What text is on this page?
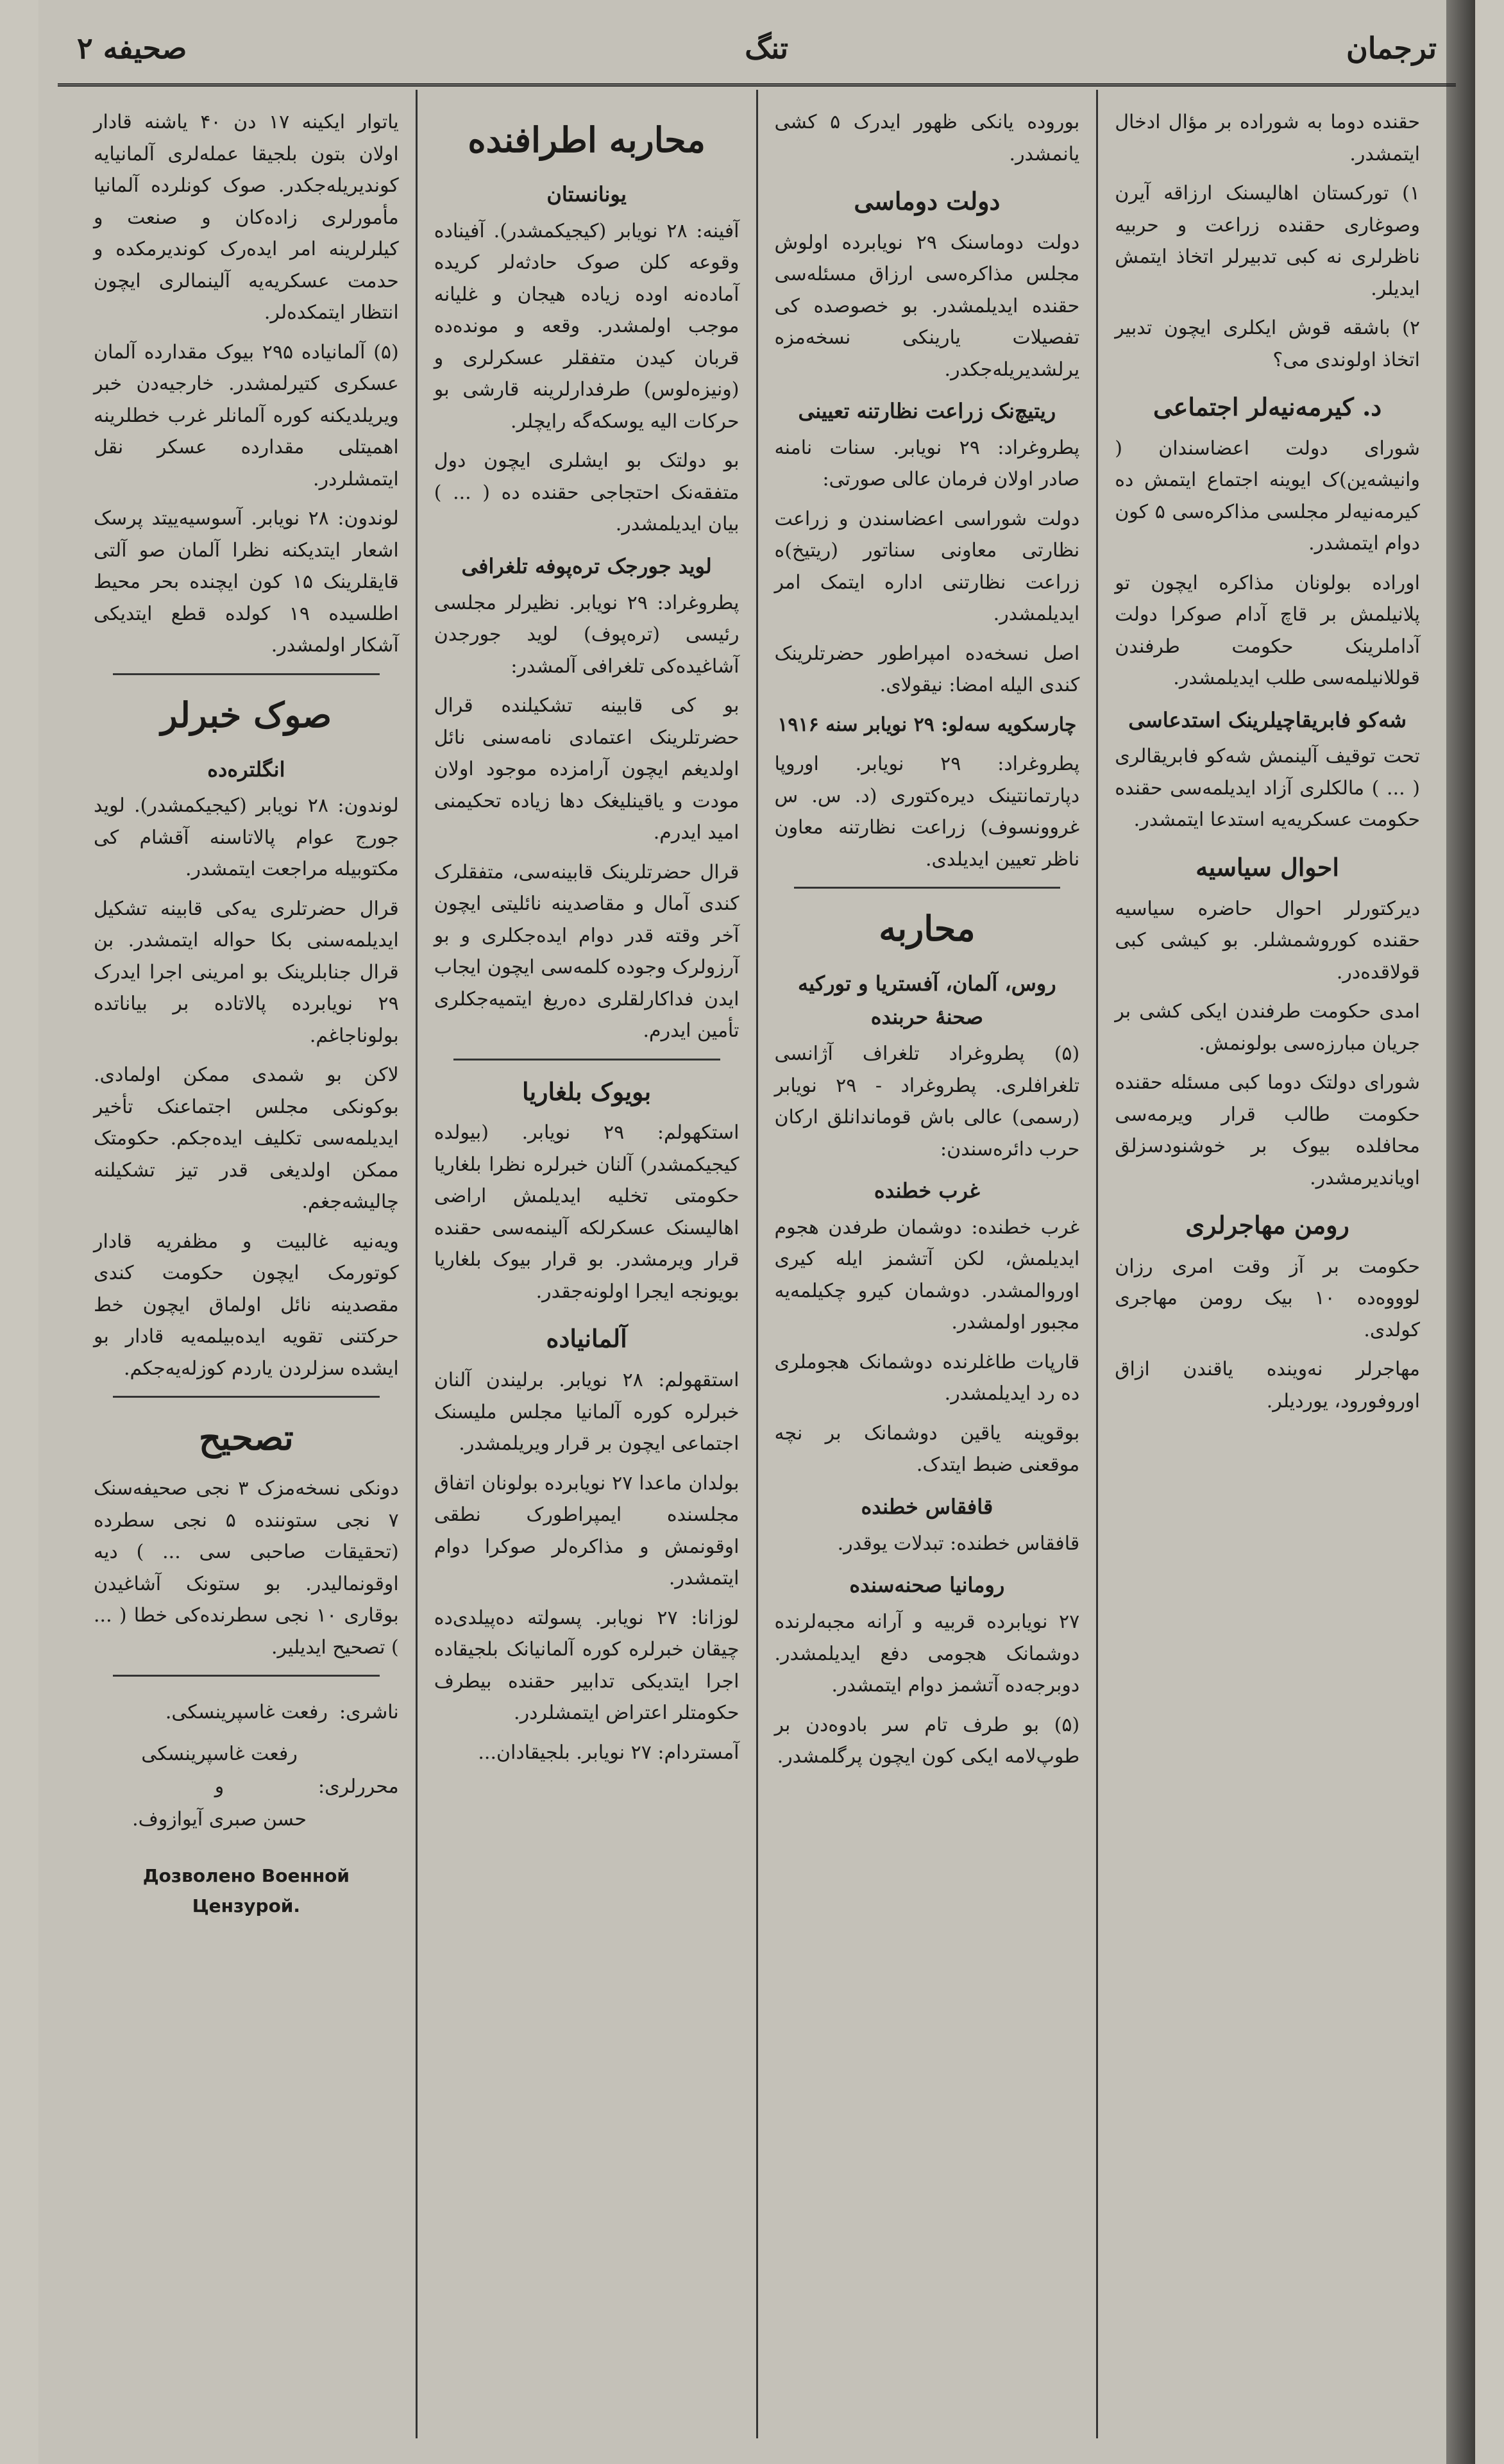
ترجمان
تنگ
صحیفه ۲

حقنده دوما به شوراده بر مؤال ادخال ایتمشدر.

۱) تورکستان اهالیسنک ارزاقه آیرن وصوغاری حقنده زراعت و حربیه ناظرلری نه کبی تدبیرلر اتخاذ ایتمش ایدیلر.

۲) باشقه قوش ایکلری ایچون تدبیر اتخاذ اولوندی می؟

د. کیرمه‌نیه‌لر اجتماعی

شورای دولت اعضاسندان ( وانیشه‌ین)ک ایوینه اجتماع ایتمش ده کیرمه‌نیه‌لر مجلسی مذاکره‌سی ۵ کون دوام ایتمشدر.

اوراده بولونان مذاکره ایچون تو پلانیلمش بر قاچ آدام صوکرا دولت آداملرینک حکومت طرفندن قوللانیلمه‌سی طلب ایدیلمشدر.

شه‌کو فابریقاچیلرینک استدعاسی

تحت توقیف آلینمش شه‌کو فابریقالری ( ... ) مالکلری آزاد ایدیلمه‌سی حقنده حکومت عسکریه‌یه استدعا ایتمشدر.

احوال سیاسیه

دیرکتورلر احوال حاضره سیاسیه حقنده کوروشمشلر. بو کیشی کبی قولاقده‌در.

امدی حکومت طرفندن ایکی کشی بر جریان مبارزه‌سی بولونمش.

شورای دولتک دوما کبی مسئله حقنده حکومت طالب قرار ویرمه‌سی محافلده بیوک بر خوشنودسزلق اویاندیرمشدر.

رومن مهاجرلری

حکومت بر آز وقت امری رزان لوووه‌ده ۱۰ بیک رومن مهاجری کولدی.

مهاجرلر نه‌وینده یاقندن ازاق اوروفورود، یوردیلر.

بوروده یانکی ظهور ایدرک ۵ کشی یانمشدر.

دولت دوماسی

دولت دوماسنک ۲۹ نویابرده اولوش مجلس مذاکره‌سی ارزاق مسئله‌سی حقنده ایدیلمشدر. بو خصوصده کی تفصیلات یارینکی نسخه‌مزه یرلشدیریله‌جکدر.

ریتیچ‌نک زراعت نظارتنه تعیینی

پطروغراد: ۲۹ نویابر. سنات نامنه صادر اولان فرمان عالی صورتی:

دولت شوراسی اعضاسندن و زراعت نظارتی معاونی سناتور (ریتیخ)ه زراعت نظارتنی اداره ایتمک امر ایدیلمشدر.

اصل نسخه‌ده امپراطور حضرتلرینک کندی الیله امضا: نیقولای.

چارسکویه سه‌لو: ۲۹ نویابر سنه ۱۹۱۶

پطروغراد: ۲۹ نویابر. اوروپا دپارتمانتینک دیره‌کتوری (د. س. س غروونسوف) زراعت نظارتنه معاون ناظر تعیین ایدیلدی.

محاربه
روس، آلمان، آفستریا و تورکیه صحنهٔ حربنده

(۵) پطروغراد تلغراف آژانسی تلغرافلری. پطروغراد - ۲۹ نویابر (رسمی) عالی باش قوماندانلق ارکان حرب دائره‌سندن:

غرب خطنده

غرب خطنده: دوشمان طرفدن هجوم ایدیلمش، لکن آتشمز ایله کیری اوروالمشدر. دوشمان کیرو چکیلمه‌یه مجبور اولمشدر.

قارپات طاغلرنده دوشمانک هجوملری ده رد ایدیلمشدر.

بوقوینه یاقین دوشمانک بر نچه موقعنی ضبط ایتدک.

قافقاس خطنده

قافقاس خطنده: تبدلات یوقدر.

رومانیا صحنه‌سنده

۲۷ نویابرده قربیه و آرانه مجبه‌لرنده دوشمانک هجومی دفع ایدیلمشدر. دوبرجه‌ده آتشمز دوام ایتمشدر.

(۵) بو طرف تام سر بادوه‌دن بر طوپ‌لامه ایکی کون ایچون پرگلمشدر.

محاربه اطرافنده
یونانستان

آفینه: ۲۸ نویابر (کیجیکمشدر). آفیناده وقوعه کلن صوک حادثه‌لر کریده آماده‌نه اوده زیاده هیجان و غلیانه موجب اولمشدر. وقعه و مونده‌ده قربان کیدن متفقلر عسکرلری و (ونیزه‌لوس) طرفدارلرینه قارشی بو حرکات الیه یوسکه‌گه رایچلر.

بو دولتک بو ایشلری ایچون دول متفقه‌نک احتجاجی حقنده ده ( ... ) بیان ایدیلمشدر.

لوید جورجک تره‌پوفه تلغرافی

پطروغراد: ۲۹ نویابر. نظیرلر مجلسی رئیسی (تره‌پوف) لوید جورجدن آشاغیده‌کی تلغرافی آلمشدر:

بو کی قابینه تشکیلنده قرال حضرتلرینک اعتمادی نامه‌سنی نائل اولدیغم ایچون آرامزده موجود اولان مودت و یاقینلیغک دها زیاده تحکیمنی امید ایدرم.

قرال حضرتلرینک قابینه‌سی، متفقلرک کندی آمال و مقاصدینه نائلیتی ایچون آخر وقته قدر دوام ایده‌جکلری و بو آرزولرک وجوده کلمه‌سی ایچون ایجاب ایدن فداکارلقلری ده‌ریغ ایتمیه‌جکلری تأمین ایدرم.

بویوک بلغاریا

استکهولم: ۲۹ نویابر. (بیولده کیجیکمشدر) آلنان خبرلره نظرا بلغاریا حکومتی تخلیه ایدیلمش اراضی اهالیسنک عسکرلکه آلینمه‌سی حقنده قرار ویرمشدر. بو قرار بیوک بلغاریا بویونجه ایجرا اولونه‌جقدر.

آلمانیاده

استقهولم: ۲۸ نویابر. برلیندن آلنان خبرلره کوره آلمانیا مجلس ملیسنک اجتماعی ایچون بر قرار ویریلمشدر.

بولدان ماعدا ۲۷ نویابرده بولونان اتفاق مجلسنده ایمپراطورک نطقی اوقونمش و مذاکره‌لر صوکرا دوام ایتمشدر.

لوزانا: ۲۷ نویابر. پسولته ده‌پیلدی‌ده چیقان خبرلره کوره آلمانیانک بلجیقاده اجرا ایتدیکی تدابیر حقنده بیطرف حکومتلر اعتراض ایتمشلردر.

آمستردام: ۲۷ نویابر. بلجیقادان...

یاتوار ایکینه ۱۷ دن ۴۰ یاشنه قادار اولان بتون بلجیقا عمله‌لری آلمانیایه کوندیریله‌جکدر. صوک کونلرده آلمانیا مأمورلری زاده‌کان و صنعت و کیلرلرینه امر ایده‌رک کوندیرمکده و حدمت عسکریه‌یه آلینمالری ایچون انتظار ایتمکده‌لر.

(۵) آلمانیاده ۲۹۵ بیوک مقدارده آلمان عسکری کتیرلمشدر. خارجیه‌دن خبر ویریلدیکنه کوره آلمانلر غرب خطلرینه اهمیتلی مقدارده عسکر نقل ایتمشلردر.

لوندون: ۲۸ نویابر. آسوسیه‌ییتد پرسک اشعار ایتدیکنه نظرا آلمان صو آلتی قایقلرینک ۱۵ کون ایچنده بحر محیط اطلسیده ۱۹ کولده قطع ایتدیکی آشکار اولمشدر.

صوک خبرلر
انگلتره‌ده

لوندون: ۲۸ نویابر (کیجیکمشدر). لوید جورج عوام پالاتاسنه آقشام کی مکتوبیله مراجعت ایتمشدر.

قرال حضرتلری یه‌کی قابینه تشکیل ایدیلمه‌سنی بکا حواله ایتمشدر. بن قرال جنابلرینک بو امرینی اجرا ایدرک ۲۹ نویابرده پالاتاده بر بیاناتده بولوناجاغم.

لاکن بو شمدی ممکن اولمادی. بوکونکی مجلس اجتماعنک تأخیر ایدیلمه‌سی تکلیف ایده‌جکم. حکومتک ممکن اولدیغی قدر تیز تشکیلنه چالیشه‌جغم.

ویه‌نیه غالبیت و مظفریه قادار کوتورمک ایچون حکومت کندی مقصدینه نائل اولماق ایچون خط حرکتنی تقویه ایده‌بیلمه‌یه قادار بو ایشده سزلردن یاردم کوزله‌یه‌جکم.

تصحیح

دونکی نسخه‌مزک ۳ نجی صحیفه‌سنک ۷ نجی ستوننده ۵ نجی سطرده (تحقیقات صاحبی سی ... ) دیه‌ اوقونمالیدر. بو ستونک آشاغیدن بوقاری ۱۰ نجی سطرنده‌کی خطا ( ... ) تصحیح ایدیلیر.

ناشری:
رفعت غاسپرینسکی.
محررلری:
رفعت غاسپرینسکی
و
حسن صبری آیوازوف.
Дозволено Военной Цензурой.
